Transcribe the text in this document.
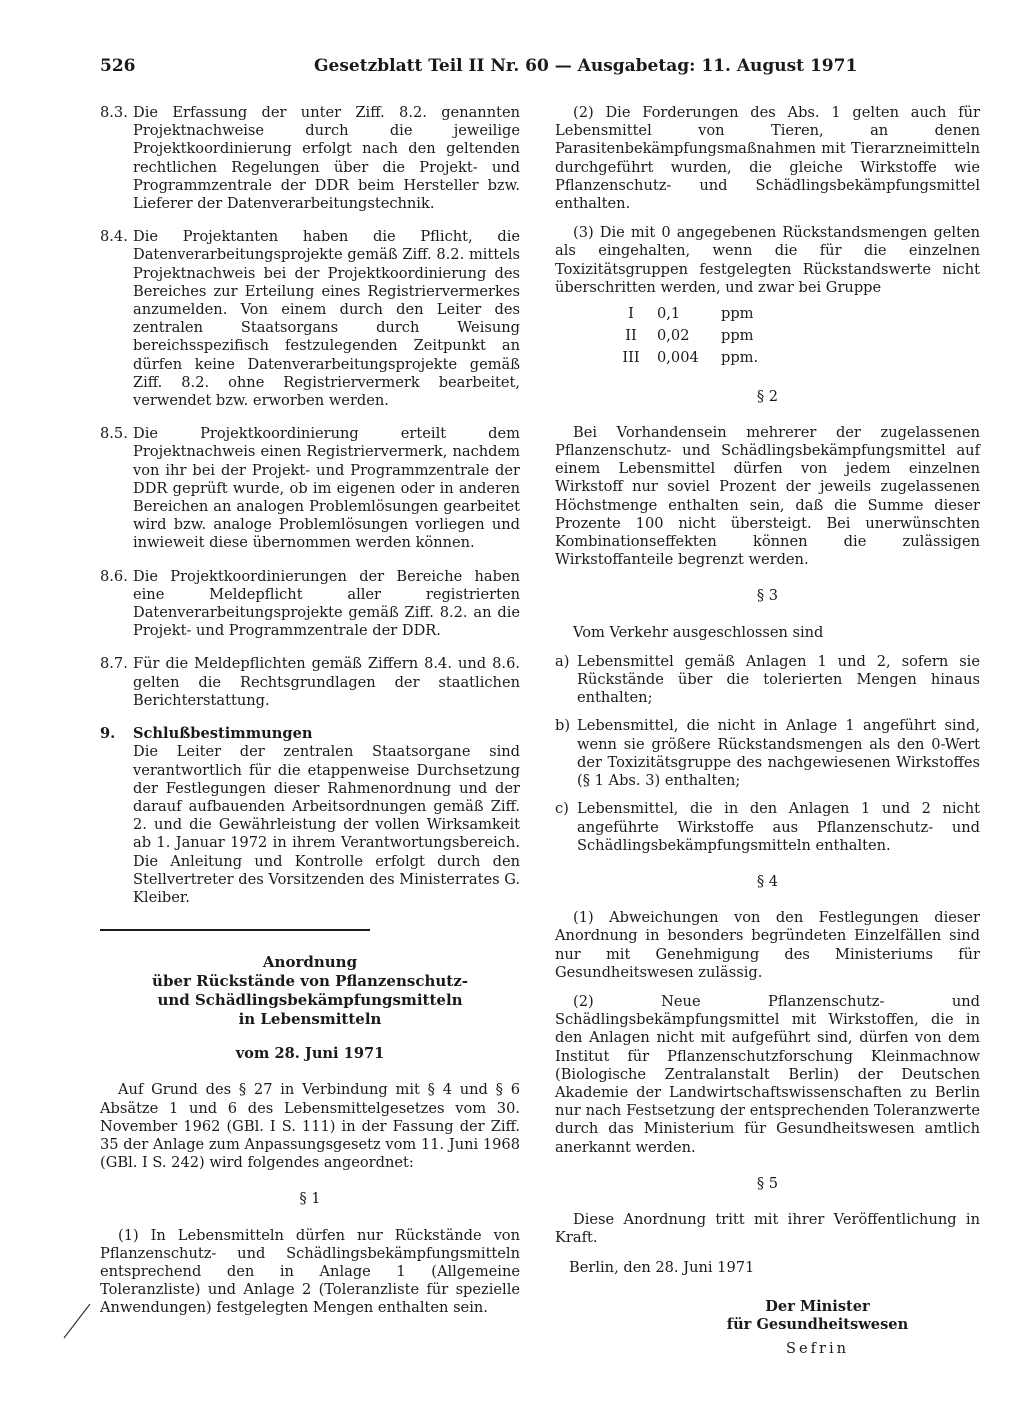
526	Gesetzblatt Teil II Nr. 60 — Ausgabetag: 11. August 1971
8.3. Die Erfassung der unter Ziff. 8.2. genannten Projektnachweise durch die jeweilige Projektkoordinierung erfolgt nach den geltenden rechtlichen Regelungen über die Projekt- und Programmzentrale der DDR beim Hersteller bzw. Lieferer der Datenverarbeitungstechnik.
8.4. Die Projektanten haben die Pflicht, die Datenverarbeitungsprojekte gemäß Ziff. 8.2. mittels Projektnachweis bei der Projektkoordinierung des Bereiches zur Erteilung eines Registriervermerkes anzumelden. Von einem durch den Leiter des zentralen Staatsorgans durch Weisung bereichsspezifisch festzulegenden Zeitpunkt an dürfen keine Datenverarbeitungsprojekte gemäß Ziff. 8.2. ohne Registriervermerk bearbeitet, verwendet bzw. erworben werden.
8.5. Die Projektkoordinierung erteilt dem Projektnachweis einen Registriervermerk, nachdem von ihr bei der Projekt- und Programmzentrale der DDR geprüft wurde, ob im eigenen oder in anderen Bereichen an analogen Problemlösungen gearbeitet wird bzw. analoge Problemlösungen vorliegen und inwieweit diese übernommen werden können.
8.6. Die Projektkoordinierungen der Bereiche haben eine Meldepflicht aller registrierten Datenverarbeitungsprojekte gemäß Ziff. 8.2. an die Projekt- und Programmzentrale der DDR.
8.7. Für die Meldepflichten gemäß Ziffern 8.4. und 8.6. gelten die Rechtsgrundlagen der staatlichen Berichterstattung.
9.	Schlußbestimmungen
Die Leiter der zentralen Staatsorgane sind verantwortlich für die etappenweise Durchsetzung der Festlegungen dieser Rahmenordnung und der darauf aufbauenden Arbeitsordnungen gemäß Ziff. 2. und die Gewährleistung der vollen Wirksamkeit ab 1. Januar 1972 in ihrem Verantwortungsbereich. Die Anleitung und Kontrolle erfolgt durch den Stellvertreter des Vorsitzenden des Ministerrates G. Kleiber.
Anordnung
über Rückstände von Pflanzenschutz-
und Schädlingsbekämpfungsmitteln
in Lebensmitteln
vom 28. Juni 1971

Auf Grund des § 27 in Verbindung mit § 4 und § 6 Absätze 1 und 6 des Lebensmittelgesetzes vom 30. November 1962 (GBl. I S. 111) in der Fassung der Ziff. 35 der Anlage zum Anpassungsgesetz vom 11. Juni 1968 (GBl. I S. 242) wird folgendes angeordnet:

§ 1

(1) In Lebensmitteln dürfen nur Rückstände von Pflanzenschutz- und Schädlingsbekämpfungsmitteln entsprechend den in Anlage 1 (Allgemeine Toleranzliste) und Anlage 2 (Toleranzliste für spezielle Anwendungen) festgelegten Mengen enthalten sein.

(2) Die Forderungen des Abs. 1 gelten auch für Lebensmittel von Tieren, an denen Parasitenbekämpfungsmaßnahmen mit Tierarzneimitteln durchgeführt wurden, die gleiche Wirkstoffe wie Pflanzenschutz- und Schädlingsbekämpfungsmittel enthalten.

(3) Die mit 0 angegebenen Rückstandsmengen gelten als eingehalten, wenn die für die einzelnen Toxizitätsgruppen festgelegten Rückstandswerte nicht überschritten werden, und zwar bei Gruppe

I	0,1	ppm
II	0,02	ppm
III	0,004	ppm.
§ 2

Bei Vorhandensein mehrerer der zugelassenen Pflanzenschutz- und Schädlingsbekämpfungsmittel auf einem Lebensmittel dürfen von jedem einzelnen Wirkstoff nur soviel Prozent der jeweils zugelassenen Höchstmenge enthalten sein, daß die Summe dieser Prozente 100 nicht übersteigt. Bei unerwünschten Kombinationseffekten können die zulässigen Wirkstoffanteile begrenzt werden.

§ 3

Vom Verkehr ausgeschlossen sind

a) Lebensmittel gemäß Anlagen 1 und 2, sofern sie Rückstände über die tolerierten Mengen hinaus enthalten;
b) Lebensmittel, die nicht in Anlage 1 angeführt sind, wenn sie größere Rückstandsmengen als den 0-Wert der Toxizitätsgruppe des nachgewiesenen Wirkstoffes (§ 1 Abs. 3) enthalten;
c) Lebensmittel, die in den Anlagen 1 und 2 nicht angeführte Wirkstoffe aus Pflanzenschutz- und Schädlingsbekämpfungsmitteln enthalten.
§ 4

(1) Abweichungen von den Festlegungen dieser Anordnung in besonders begründeten Einzelfällen sind nur mit Genehmigung des Ministeriums für Gesundheitswesen zulässig.

(2) Neue Pflanzenschutz- und Schädlingsbekämpfungsmittel mit Wirkstoffen, die in den Anlagen nicht mit aufgeführt sind, dürfen von dem Institut für Pflanzenschutzforschung Kleinmachnow (Biologische Zentralanstalt Berlin) der Deutschen Akademie der Landwirtschaftswissenschaften zu Berlin nur nach Festsetzung der entsprechenden Toleranzwerte durch das Ministerium für Gesundheitswesen amtlich anerkannt werden.

§ 5

Diese Anordnung tritt mit ihrer Veröffentlichung in Kraft.

Berlin, den 28. Juni 1971
Der Minister
für Gesundheitswesen
Sefrin
